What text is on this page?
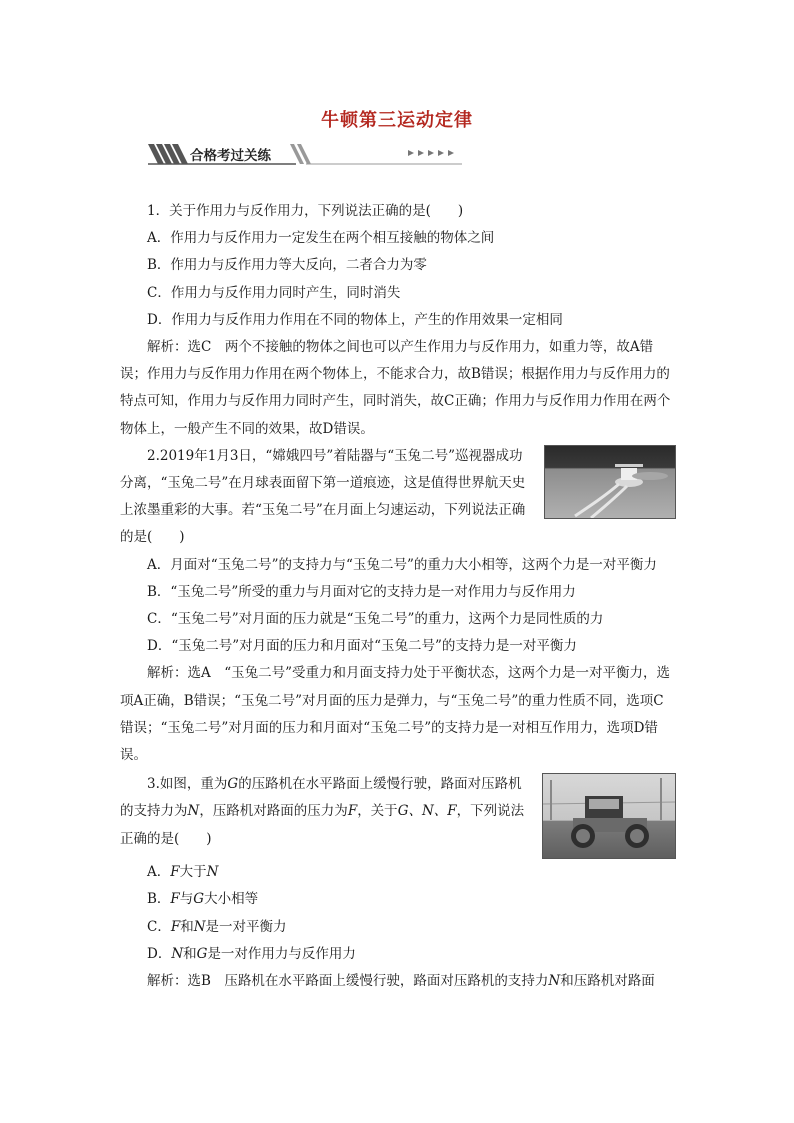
牛顿第三运动定律
合格考过关练

1．关于作用力与反作用力，下列说法正确的是(　　)

A．作用力与反作用力一定发生在两个相互接触的物体之间

B．作用力与反作用力等大反向，二者合力为零

C．作用力与反作用力同时产生，同时消失

D．作用力与反作用力作用在不同的物体上，产生的作用效果一定相同

解析：选C　两个不接触的物体之间也可以产生作用力与反作用力，如重力等，故A错误；作用力与反作用力作用在两个物体上，不能求合力，故B错误；根据作用力与反作用力的特点可知，作用力与反作用力同时产生，同时消失，故C正确；作用力与反作用力作用在两个物体上，一般产生不同的效果，故D错误。

2.2019年1月3日，“嫦娥四号”着陆器与“玉兔二号”巡视器成功分离，“玉兔二号”在月球表面留下第一道痕迹，这是值得世界航天史上浓墨重彩的大事。若“玉兔二号”在月面上匀速运动，下列说法正确的是(　　)

A．月面对“玉兔二号”的支持力与“玉兔二号”的重力大小相等，这两个力是一对平衡力

B．“玉兔二号”所受的重力与月面对它的支持力是一对作用力与反作用力

C．“玉兔二号”对月面的压力就是“玉兔二号”的重力，这两个力是同性质的力

D．“玉兔二号”对月面的压力和月面对“玉兔二号”的支持力是一对平衡力

解析：选A　“玉兔二号”受重力和月面支持力处于平衡状态，这两个力是一对平衡力，选项A正确，B错误；“玉兔二号”对月面的压力是弹力，与“玉兔二号”的重力性质不同，选项C错误；“玉兔二号”对月面的压力和月面对“玉兔二号”的支持力是一对相互作用力，选项D错误。

3.如图，重为G的压路机在水平路面上缓慢行驶，路面对压路机的支持力为N，压路机对路面的压力为F，关于G、N、F，下列说法正确的是(　　)

A．F大于N

B．F与G大小相等

C．F和N是一对平衡力

D．N和G是一对作用力与反作用力

解析：选B　压路机在水平路面上缓慢行驶，路面对压路机的支持力N和压路机对路面
